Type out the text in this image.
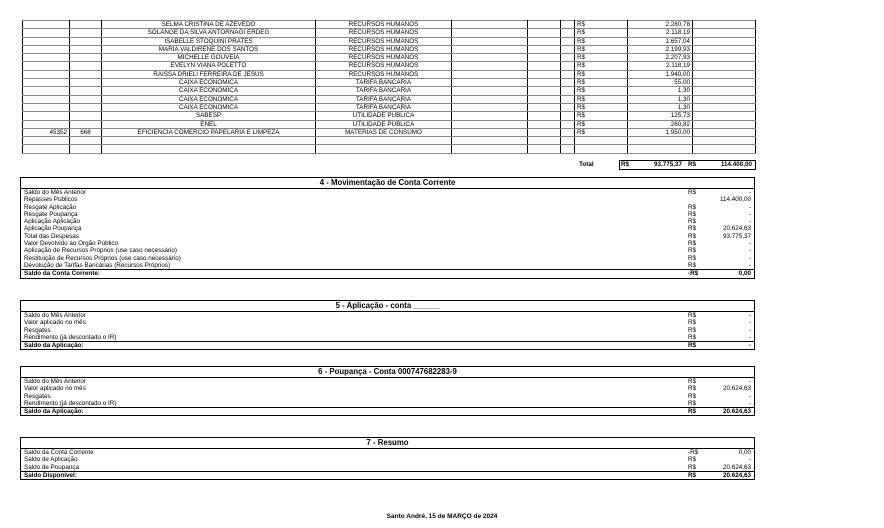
		SELMA CRISTINA DE AZEVEDO	RECURSOS HUMANOS				R$	2.280,78	
		SOLANGE DA SILVA ANTORNAGI ERDEG	RECURSOS HUMANOS				R$	2.118,19	
		ISABELLE STOQUINI PRATES	RECURSOS HUMANOS				R$	1.657,04	
		MARIA VALDIRENE DOS SANTOS	RECURSOS HUMANOS				R$	2.199,93	
		MICHELLE GOUVEIA	RECURSOS HUMANOS				R$	2.207,93	
		EVELYN VIANA POLETTO	RECURSOS HUMANOS				R$	2.118,19	
		RAISSA DRIELI FERREIRA DE JESUS	RECURSOS HUMANOS				R$	1.940,00	
		CAIXA ECONOMICA	TARIFA BANCARIA				R$	55,00	
		CAIXA ECONOMICA	TARIFA BANCARIA				R$	1,30	
		CAIXA ECONOMICA	TARIFA BANCARIA				R$	1,30	
		CAIXA ECONOMICA	TARIFA BANCARIA				R$	1,30	
		SABESP	UTILIDADE PUBLICA				R$	125,73	
		ENEL	UTILIDADE PUBLICA				R$	260,82	
45352	668	EFICIENCIA COMERCIO PAPELARIA E LIMPEZA	MATERIAS DE CONSUMO				R$	1.950,00	

Total	R$	93.775,37 R$	114.400,00
4 - Movimentação de Conta Corrente
Saldo do Mês Anterior	R$	-
Repasses Públicos	114.400,00
Resgate Aplicação	R$	-
Resgate Poupança	R$	-
Aplicação Aplicação	R$	-
Aplicação Poupança	R$	20.624,63
Total das Despesas	R$	93.775,37
Valor Devolvido ao Orgão Público	R$	-
Aplicação de Recursos Próprios (use caso necessário)	R$	-
Restituição de Recursos Próprios (use caso necessário)	R$	-
Devolução de Tarifas Bancárias (Recursos Próprios)	R$	-
Saldo da Conta Corrente:	-R$	0,00
5 - Aplicação - conta ______
Saldo do Mês Anterior	R$	-
Valor aplicado no mês	R$	-
Resgates	R$	-
Rendimento (já descontado o IR)	R$	-
Saldo da Aplicação:	R$	-
6 - Poupança - Conta 000747682283-9
Saldo do Mês Anterior	R$	-
Valor aplicado no mês	R$	20.624,63
Resgates	R$	-
Rendimento (já descontado o IR)	R$	-
Saldo da Aplicação:	R$	20.624,63
7 - Resumo
Saldo da Conta Corrente	-R$	0,00
Saldo de Aplicação	R$	-
Saldo de Poupança	R$	20.624,63
Saldo Disponível:	R$	20.624,63
Santo André, 15 de MARÇO de 2024
